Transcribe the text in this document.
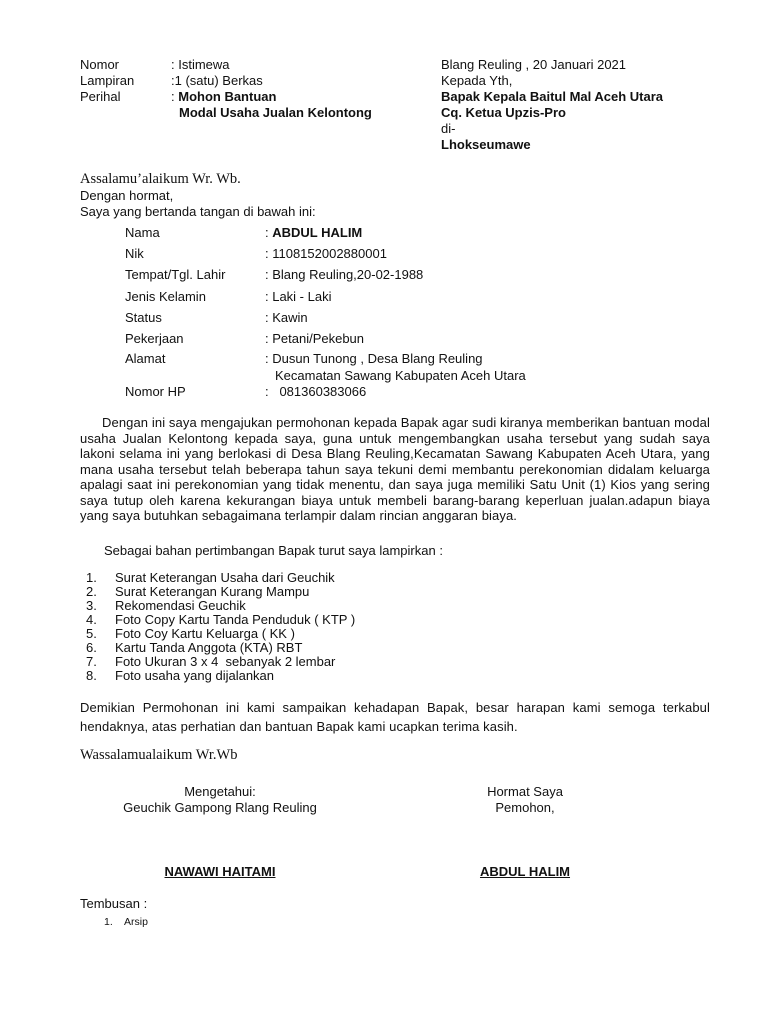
Nomor	: Istimewa
Lampiran	:1 (satu) Berkas
Perihal	: Mohon Bantuan
Modal Usaha Jualan Kelontong
Blang Reuling , 20 Januari 2021
Kepada Yth,
Bapak Kepala Baitul Mal Aceh Utara
Cq. Ketua Upzis-Pro
di-
Lhokseumawe
Assalamu’alaikum Wr. Wb.
Dengan hormat,
Saya yang bertanda tangan di bawah ini:
Nama	: ABDUL HALIM
Nik	: 1108152002880001
Tempat/Tgl. Lahir	: Blang Reuling,20-02-1988
Jenis Kelamin	: Laki - Laki
Status	: Kawin
Pekerjaan	: Petani/Pekebun
Alamat	: Dusun Tunong , Desa Blang Reuling
Kecamatan Sawang Kabupaten Aceh Utara
Nomor HP	:   081360383066
Dengan ini saya mengajukan permohonan kepada Bapak agar sudi kiranya memberikan bantuan modal usaha Jualan Kelontong kepada saya, guna untuk mengembangkan usaha tersebut yang sudah saya lakoni selama ini yang berlokasi di Desa Blang Reuling,Kecamatan Sawang Kabupaten Aceh Utara, yang mana usaha tersebut telah beberapa tahun saya tekuni demi membantu perekonomian didalam keluarga apalagi saat ini perekonomian yang tidak menentu, dan saya juga memiliki Satu Unit (1) Kios yang sering saya tutup oleh karena kekurangan biaya untuk membeli barang-barang keperluan jualan.adapun biaya yang saya butuhkan sebagaimana terlampir dalam rincian anggaran biaya.
Sebagai bahan pertimbangan Bapak turut saya lampirkan :
1. Surat Keterangan Usaha dari Geuchik
2. Surat Keterangan Kurang Mampu
3. Rekomendasi Geuchik
4. Foto Copy Kartu Tanda Penduduk ( KTP )
5. Foto Coy Kartu Keluarga ( KK )
6. Kartu Tanda Anggota (KTA) RBT
7. Foto Ukuran 3 x 4  sebanyak 2 lembar
8. Foto usaha yang dijalankan
Demikian Permohonan ini kami sampaikan kehadapan Bapak, besar harapan kami semoga terkabul hendaknya, atas perhatian dan bantuan Bapak kami ucapkan terima kasih.
Wassalamualaikum Wr.Wb
Mengetahui:
Geuchik Gampong Rlang Reuling
NAWAWI HAITAMI
Hormat Saya
Pemohon,
ABDUL HALIM
Tembusan :
1. Arsip
